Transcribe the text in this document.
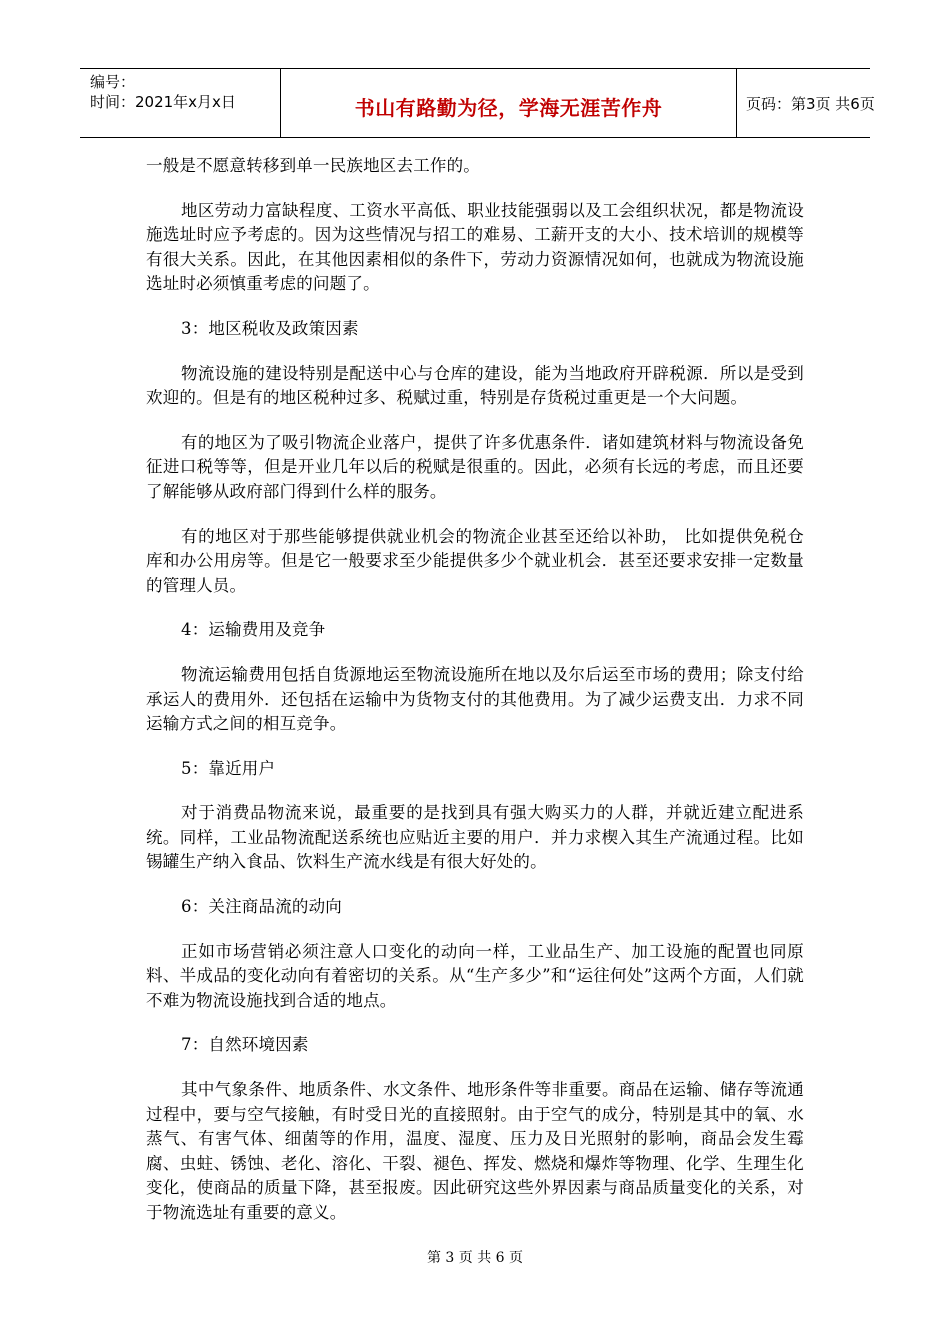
编号：
时间：2021年x月x日	书山有路勤为径，学海无涯苦作舟	页码：第3页 共6页

一般是不愿意转移到单一民族地区去工作的。

地区劳动力富缺程度、工资水平高低、职业技能强弱以及工会组织状况，都是物流设施选址时应予考虑的。因为这些情况与招工的难易、工薪开支的大小、技术培训的规模等有很大关系。因此，在其他因素相似的条件下，劳动力资源情况如何，也就成为物流设施选址时必须慎重考虑的问题了。

3：地区税收及政策因素

物流设施的建设特别是配送中心与仓库的建设，能为当地政府开辟税源．所以是受到欢迎的。但是有的地区税种过多、税赋过重，特别是存货税过重更是一个大问题。

有的地区为了吸引物流企业落户，提供了许多优惠条件．诸如建筑材料与物流设备免征进口税等等，但是开业几年以后的税赋是很重的。因此，必须有长远的考虑，而且还要了解能够从政府部门得到什么样的服务。

有的地区对于那些能够提供就业机会的物流企业甚至还给以补助， 比如提供免税仓库和办公用房等。但是它一般要求至少能提供多少个就业机会．甚至还要求安排一定数量的管理人员。

4：运输费用及竞争

物流运输费用包括自货源地运至物流设施所在地以及尔后运至市场的费用；除支付给承运人的费用外．还包括在运输中为货物支付的其他费用。为了减少运费支出．力求不同运输方式之间的相互竞争。

5：靠近用户

对于消费品物流来说，最重要的是找到具有强大购买力的人群，并就近建立配进系统。同样，工业品物流配送系统也应贴近主要的用户．并力求楔入其生产流通过程。比如锡罐生产纳入食品、饮料生产流水线是有很大好处的。

6：关注商品流的动向

正如市场营销必须注意人口变化的动向一样，工业品生产、加工设施的配置也同原料、半成品的变化动向有着密切的关系。从“生产多少”和“运往何处”这两个方面，人们就不难为物流设施找到合适的地点。

7：自然环境因素

其中气象条件、地质条件、水文条件、地形条件等非重要。商品在运输、储存等流通过程中，要与空气接触，有时受日光的直接照射。由于空气的成分，特别是其中的氧、水蒸气、有害气体、细菌等的作用，温度、湿度、压力及日光照射的影响，商品会发生霉腐、虫蛀、锈蚀、老化、溶化、干裂、褪色、挥发、燃烧和爆炸等物理、化学、生理生化变化，使商品的质量下降，甚至报废。因此研究这些外界因素与商品质量变化的关系，对于物流选址有重要的意义。

第 3 页 共 6 页
